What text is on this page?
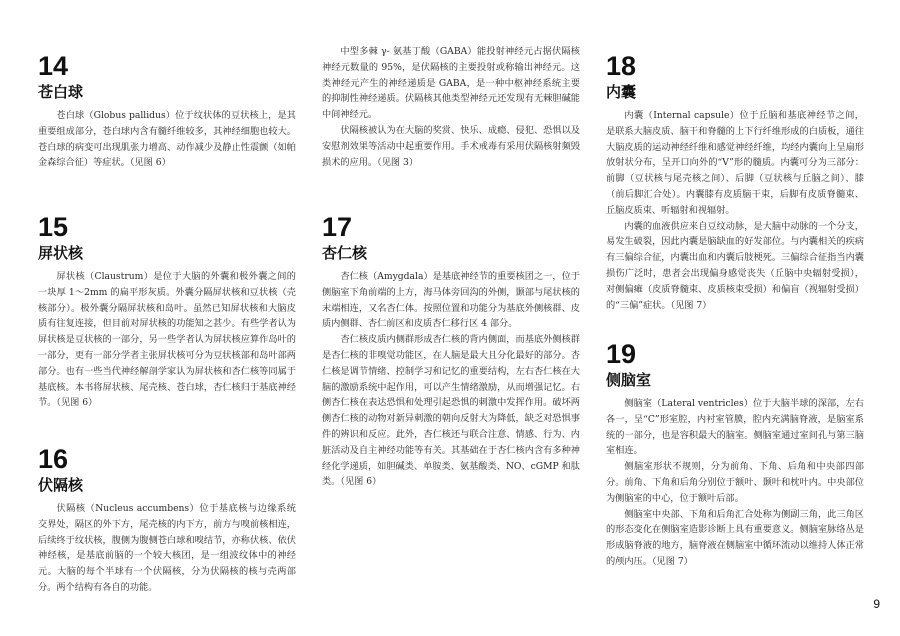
14
苍白球

苍白球（Globus pallidus）位于纹状体的豆状核上，是其重要组成部分，苍白球内含有髓纤维较多，其神经细胞也较大。苍白球的病变可出现肌张力增高、动作减少及静止性震颤（如帕金森综合征）等症状。（见图 6）

15
屏状核

屏状核（Claustrum）是位于大脑的外囊和极外囊之间的一块厚 1～2mm 的扁平形灰质。外囊分隔屏状核和豆状核（壳核部分）。极外囊分隔屏状核和岛叶。虽然已知屏状核和大脑皮质有往复连接，但目前对屏状核的功能知之甚少。有些学者认为屏状核是豆状核的一部分，另一些学者认为屏状核应算作岛叶的一部分，更有一部分学者主张屏状核可分为豆状核部和岛叶部两部分。也有一些当代神经解剖学家认为屏状核和杏仁核等同属于基底核。本书将屏状核、尾壳核、苍白球，杏仁核归于基底神经节。（见图 6）

16
伏隔核

伏隔核（Nucleus accumbens）位于基底核与边缘系统交界处，隔区的外下方，尾壳核的内下方，前方与嗅前核相连，后续终于纹状核，腹侧为腹侧苍白球和嗅结节，亦称伏核、依伏神经核，是基底前脑的一个较大核团，是一组波纹体中的神经元。大脑的每个半球有一个伏隔核，分为伏隔核的核与壳两部分。两个结构有各自的功能。

中型多棘 γ- 氨基丁酸（GABA）能投射神经元占据伏隔核神经元数量的 95%，是伏隔核的主要投射或称输出神经元。这类神经元产生的神经递质是 GABA，是一种中枢神经系统主要的抑制性神经递质。伏隔核其他类型神经元还发现有无棘胆碱能中间神经元。

伏隔核被认为在大脑的奖赏、快乐、成瘾、侵犯、恐惧以及安慰剂效果等活动中起重要作用。手术戒毒有采用伏隔核射频毁损术的应用。（见图 3）

17
杏仁核

杏仁核（Amygdala）是基底神经节的重要核团之一，位于侧脑室下角前端的上方，海马体旁回沟的外侧，颞部与尾状核的末端相连，又名杏仁体。按照位置和功能分为基底外侧核群、皮质内侧群、杏仁前区和皮质杏仁移行区 4 部分。

杏仁核皮质内侧群形成杏仁核的背内侧面，而基底外侧核群是杏仁核的非嗅觉功能区，在人脑是最大且分化最好的部分。杏仁核是调节情绪、控制学习和记忆的重要结构，左右杏仁核在大脑的激励系统中起作用，可以产生情绪激励，从而增强记忆。右侧杏仁核在表达恐惧和处理引起恐惧的刺激中发挥作用。破坏两侧杏仁核的动物对新异刺激的朝向反射大为降低，缺乏对恐惧事件的辨识和反应。此外，杏仁核还与联合注意、情感、行为、内脏活动及自主神经功能等有关。其基础在于杏仁核内含有多种神经化学递质，如胆碱类、单胺类、氨基酸类、NO、cGMP 和肽类。（见图 6）

18
内囊

内囊（Internal capsule）位于丘脑和基底神经节之间，是联系大脑皮质、脑干和脊髓的上下行纤维形成的白质板，通往大脑皮质的运动神经纤维和感觉神经纤维，均经内囊向上呈扇形放射状分布，呈开口向外的“V”形的髓质。内囊可分为三部分：前脚（豆状核与尾壳核之间）、后脚（豆状核与丘脑之间）、膝（前后脚汇合处）。内囊膝有皮质脑干束，后脚有皮质脊髓束、丘脑皮质束、听辐射和视辐射。

内囊的血液供应来自豆纹动脉，是大脑中动脉的一个分支，易发生破裂，因此内囊是脑缺血的好发部位。与内囊相关的疾病有三偏综合征，内囊出血和内囊后肢梗死。三偏综合征指当内囊损伤广泛时，患者会出现偏身感觉丧失（丘脑中央辐射受损），对侧偏瘫（皮质脊髓束、皮质核束受损）和偏盲（视辐射受损）的“三偏”症状。（见图 7）

19
侧脑室

侧脑室（Lateral ventricles）位于大脑半球的深部，左右各一，呈“C”形室腔，内衬室管膜，腔内充满脑脊液，是脑室系统的一部分，也是容积最大的脑室。侧脑室通过室间孔与第三脑室相连。

侧脑室形状不规则，分为前角、下角、后角和中央部四部分。前角、下角和后角分别位于额叶、颞叶和枕叶内。中央部位为侧脑室的中心，位于额叶后部。

侧脑室中央部、下角和后角汇合处称为侧副三角，此三角区的形态变化在侧脑室造影诊断上具有重要意义。侧脑室脉络丛是形成脑脊液的地方，脑脊液在侧脑室中循环流动以维持人体正常的颅内压。（见图 7）

9
